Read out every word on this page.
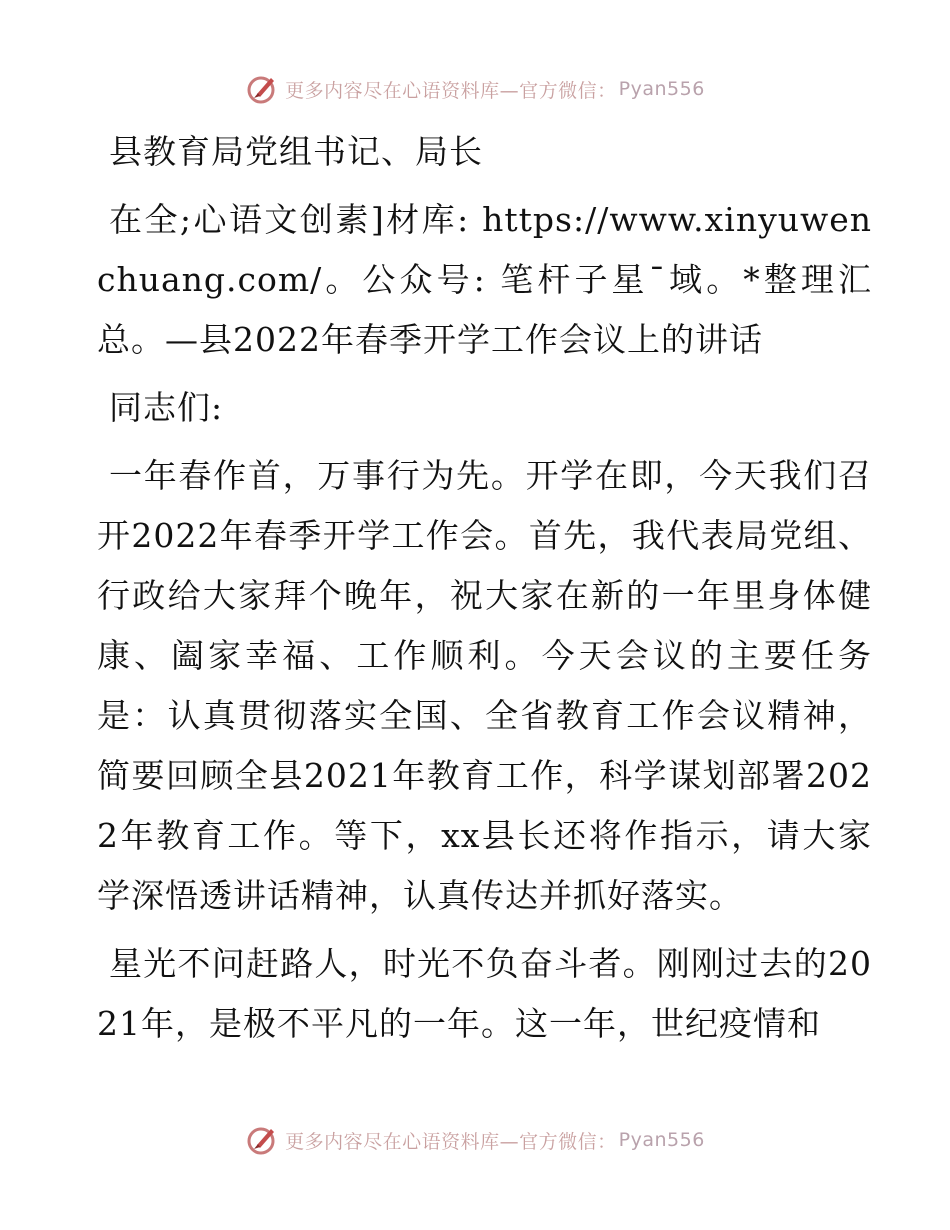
更多内容尽在心语资料库—官方微信： Pyan556

县教育局党组书记、局长

在全;心语文创素]材库: https://www.xinyuwenchuang.com/。公众号: 笔杆子星¯域。*整理汇总。—县2022年春季开学工作会议上的讲话

同志们:

一年春作首，万事行为先。开学在即，今天我们召开2022年春季开学工作会。首先，我代表局党组、行政给大家拜个晚年，祝大家在新的一年里身体健康、阖家幸福、工作顺利。今天会议的主要任务是：认真贯彻落实全国、全省教育工作会议精神，简要回顾全县2021年教育工作，科学谋划部署2022年教育工作。等下，xx县长还将作指示，请大家学深悟透讲话精神，认真传达并抓好落实。

星光不问赶路人，时光不负奋斗者。刚刚过去的2021年，是极不平凡的一年。这一年，世纪疫情和

更多内容尽在心语资料库—官方微信： Pyan556
